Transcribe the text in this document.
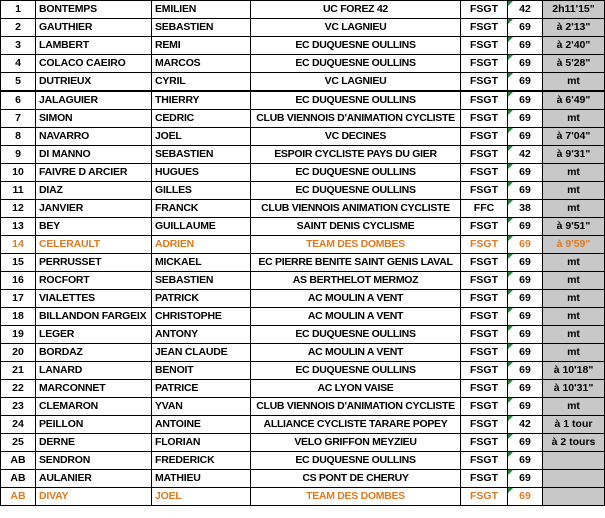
1	BONTEMPS	EMILIEN	UC FOREZ 42	FSGT	42	2h11'15"
2	GAUTHIER	SEBASTIEN	VC LAGNIEU	FSGT	69	à 2'13"
3	LAMBERT	REMI	EC DUQUESNE OULLINS	FSGT	69	à 2'40"
4	COLACO CAEIRO	MARCOS	EC DUQUESNE OULLINS	FSGT	69	à 5'28"
5	DUTRIEUX	CYRIL	VC LAGNIEU	FSGT	69	mt
6	JALAGUIER	THIERRY	EC DUQUESNE OULLINS	FSGT	69	à 6'49"
7	SIMON	CEDRIC	CLUB VIENNOIS D'ANIMATION CYCLISTE	FSGT	69	mt
8	NAVARRO	JOEL	VC DECINES	FSGT	69	à 7'04"
9	DI MANNO	SEBASTIEN	ESPOIR CYCLISTE PAYS DU GIER	FSGT	42	à 9'31"
10	FAIVRE D ARCIER	HUGUES	EC DUQUESNE OULLINS	FSGT	69	mt
11	DIAZ	GILLES	EC DUQUESNE OULLINS	FSGT	69	mt
12	JANVIER	FRANCK	CLUB VIENNOIS ANIMATION CYCLISTE	FFC	38	mt
13	BEY	GUILLAUME	SAINT DENIS CYCLISME	FSGT	69	à 9'51"
14	CELERAULT	ADRIEN	TEAM DES DOMBES	FSGT	69	à 9'59"
15	PERRUSSET	MICKAEL	EC PIERRE BENITE SAINT GENIS LAVAL	FSGT	69	mt
16	ROCFORT	SEBASTIEN	AS BERTHELOT MERMOZ	FSGT	69	mt
17	VIALETTES	PATRICK	AC MOULIN A VENT	FSGT	69	mt
18	BILLANDON FARGEIX	CHRISTOPHE	AC MOULIN A VENT	FSGT	69	mt
19	LEGER	ANTONY	EC DUQUESNE OULLINS	FSGT	69	mt
20	BORDAZ	JEAN CLAUDE	AC MOULIN A VENT	FSGT	69	mt
21	LANARD	BENOIT	EC DUQUESNE OULLINS	FSGT	69	à 10'18"
22	MARCONNET	PATRICE	AC LYON VAISE	FSGT	69	à 10'31"
23	CLEMARON	YVAN	CLUB VIENNOIS D'ANIMATION CYCLISTE	FSGT	69	mt
24	PEILLON	ANTOINE	ALLIANCE CYCLISTE TARARE POPEY	FSGT	42	à 1 tour
25	DERNE	FLORIAN	VELO GRIFFON MEYZIEU	FSGT	69	à 2 tours
AB	SENDRON	FREDERICK	EC DUQUESNE OULLINS	FSGT	69	
AB	AULANIER	MATHIEU	CS PONT DE CHERUY	FSGT	69	
AB	DIVAY	JOEL	TEAM DES DOMBES	FSGT	69	
